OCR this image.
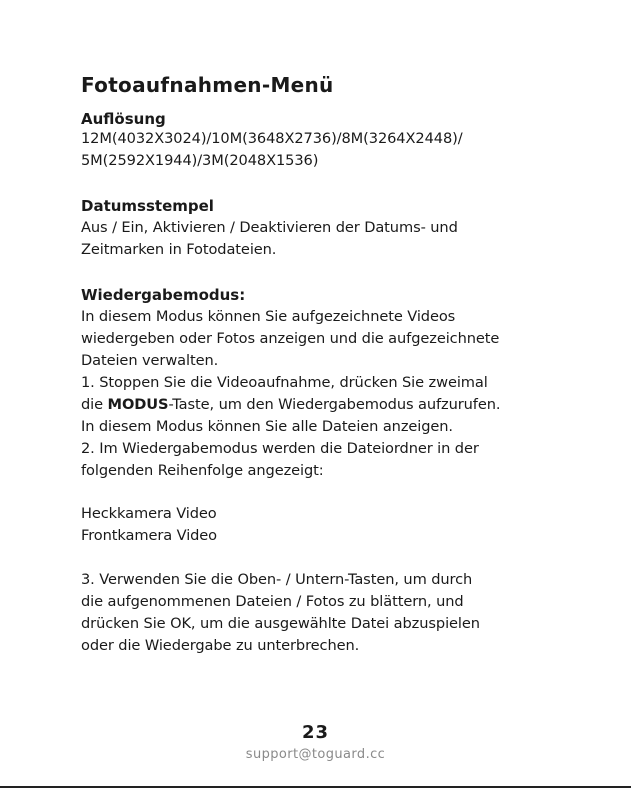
Fotoaufnahmen-Menü
Auflösung
12M(4032X3024)/10M(3648X2736)/8M(3264X2448)/
5M(2592X1944)/3M(2048X1536)
Datumsstempel
Aus / Ein, Aktivieren / Deaktivieren der Datums- und
Zeitmarken in Fotodateien.
Wiedergabemodus:
In diesem Modus können Sie aufgezeichnete Videos
wiedergeben oder Fotos anzeigen und die aufgezeichnete
Dateien verwalten.
1. Stoppen Sie die Videoaufnahme, drücken Sie zweimal
die MODUS-Taste, um den Wiedergabemodus aufzurufen.
In diesem Modus können Sie alle Dateien anzeigen.
2. Im Wiedergabemodus werden die Dateiordner in der
folgenden Reihenfolge angezeigt:
Heckkamera Video
Frontkamera Video
3. Verwenden Sie die Oben- / Untern-Tasten, um durch
die aufgenommenen Dateien / Fotos zu blättern, und
drücken Sie OK, um die ausgewählte Datei abzuspielen
oder die Wiedergabe zu unterbrechen.
23
support@toguard.cc
